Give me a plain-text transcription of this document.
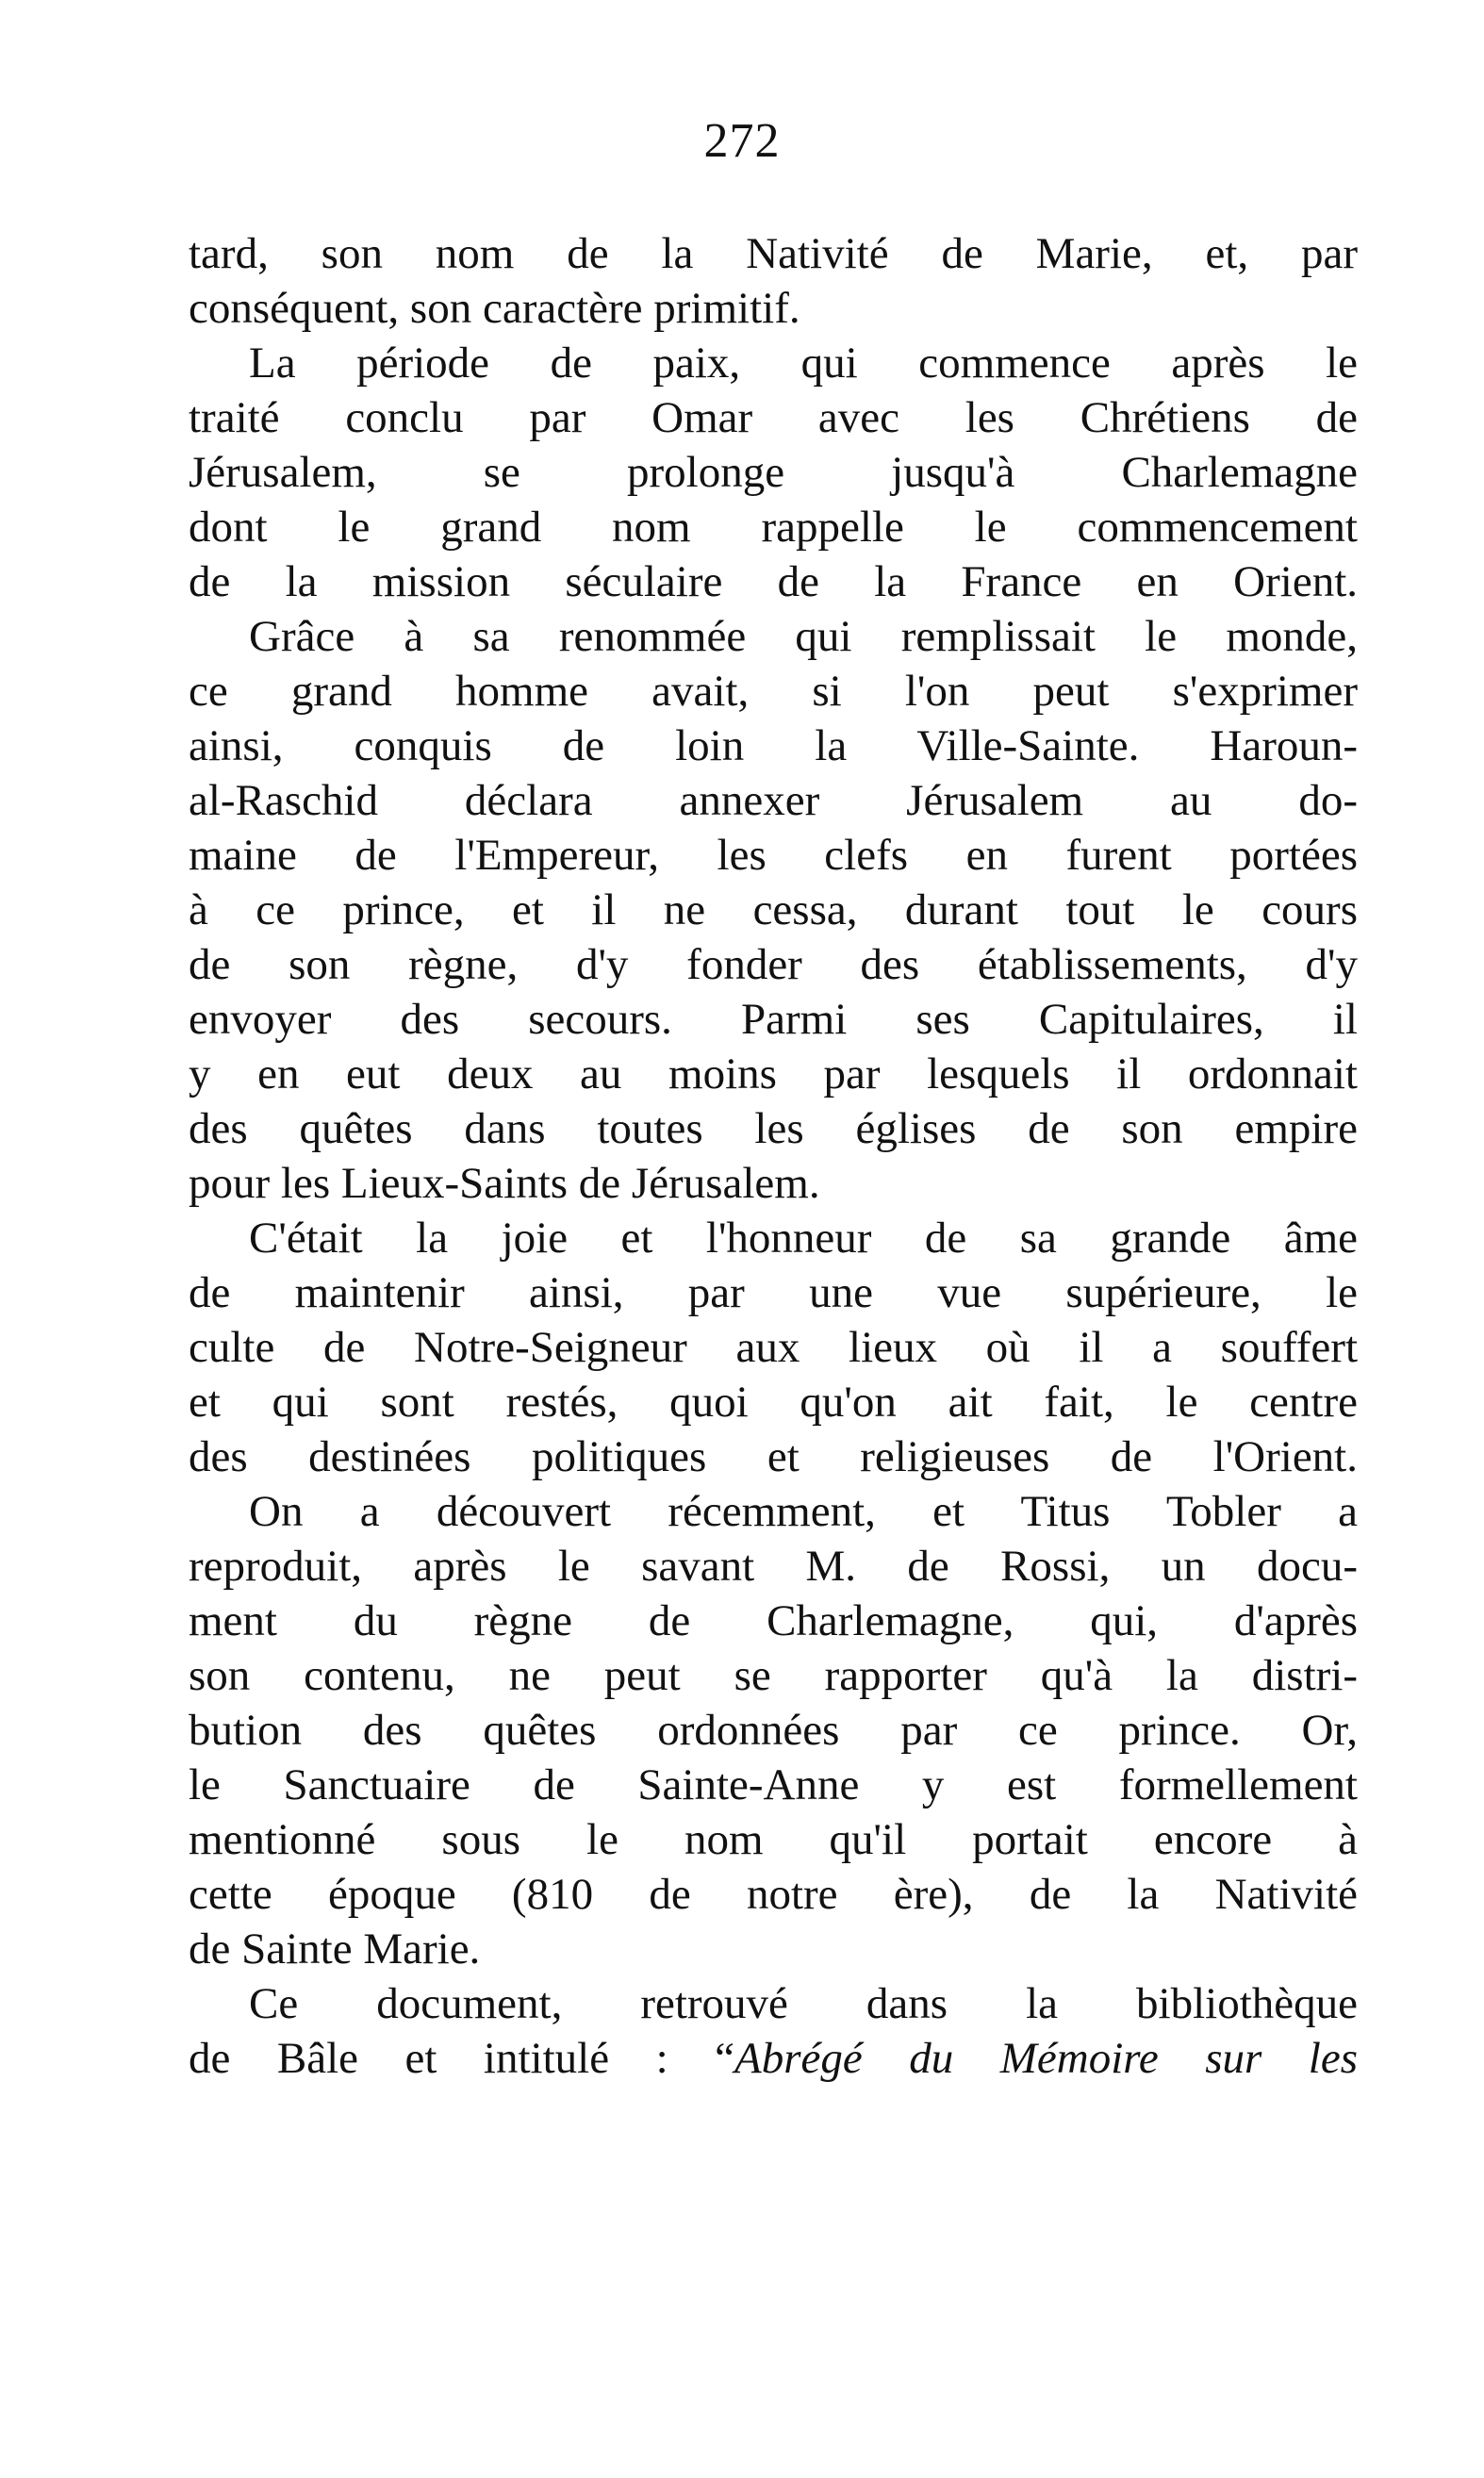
272
tard, son nom de la Nativité de Marie, et, par
conséquent, son caractère primitif.
La période de paix, qui commence après le
traité conclu par Omar avec les Chrétiens de
Jérusalem, se prolonge jusqu'à Charlemagne
dont le grand nom rappelle le commencement
de la mission séculaire de la France en Orient.
Grâce à sa renommée qui remplissait le monde,
ce grand homme avait, si l'on peut s'exprimer
ainsi, conquis de loin la Ville-Sainte. Haroun-
al-Raschid déclara annexer Jérusalem au do-
maine de l'Empereur, les clefs en furent portées
à ce prince, et il ne cessa, durant tout le cours
de son règne, d'y fonder des établissements, d'y
envoyer des secours. Parmi ses Capitulaires, il
y en eut deux au moins par lesquels il ordonnait
des quêtes dans toutes les églises de son empire
pour les Lieux-Saints de Jérusalem.
C'était la joie et l'honneur de sa grande âme
de maintenir ainsi, par une vue supérieure, le
culte de Notre-Seigneur aux lieux où il a souffert
et qui sont restés, quoi qu'on ait fait, le centre
des destinées politiques et religieuses de l'Orient.
On a découvert récemment, et Titus Tobler a
reproduit, après le savant M. de Rossi, un docu-
ment du règne de Charlemagne, qui, d'après
son contenu, ne peut se rapporter qu'à la distri-
bution des quêtes ordonnées par ce prince. Or,
le Sanctuaire de Sainte-Anne y est formellement
mentionné sous le nom qu'il portait encore à
cette époque (810 de notre ère), de la Nativité
de Sainte Marie.
Ce document, retrouvé dans la bibliothèque
de Bâle et intitulé : “Abrégé du Mémoire sur les
